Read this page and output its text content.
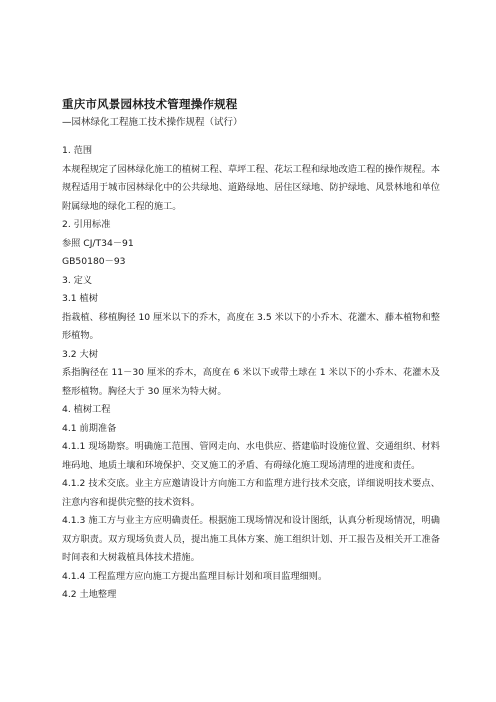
重庆市风景园林技术管理操作规程
—园林绿化工程施工技术操作规程（试行）
1. 范围
本规程规定了园林绿化施工的植树工程、草坪工程、花坛工程和绿地改造工程的操作规程。本规程适用于城市园林绿化中的公共绿地、道路绿地、居住区绿地、防护绿地、风景林地和单位附属绿地的绿化工程的施工。
2. 引用标准
参照 CJ/T34－91
GB50180－93
3. 定义
3.1 植树
指栽植、移植胸径 10 厘米以下的乔木，高度在 3.5 米以下的小乔木、花灌木、藤本植物和整形植物。
3.2 大树
系指胸径在 11－30 厘米的乔木，高度在 6 米以下或带土球在 1 米以下的小乔木、花灌木及整形植物。胸径大于 30 厘米为特大树。
4. 植树工程
4.1 前期准备
4.1.1 现场勘察。明确施工范围、管网走向、水电供应、搭建临时设施位置、交通组织、材料堆码地、地质土壤和环境保护、交叉施工的矛盾、有碍绿化施工现场清理的进度和责任。
4.1.2 技术交底。业主方应邀请设计方向施工方和监理方进行技术交底，详细说明技术要点、注意内容和提供完整的技术资料。
4.1.3 施工方与业主方应明确责任。根据施工现场情况和设计图纸，认真分析现场情况，明确双方职责。双方现场负责人员，提出施工具体方案、施工组织计划、开工报告及相关开工准备时间表和大树栽植具体技术措施。
4.1.4 工程监理方应向施工方提出监理目标计划和项目监理细则。
4.2 土地整理
